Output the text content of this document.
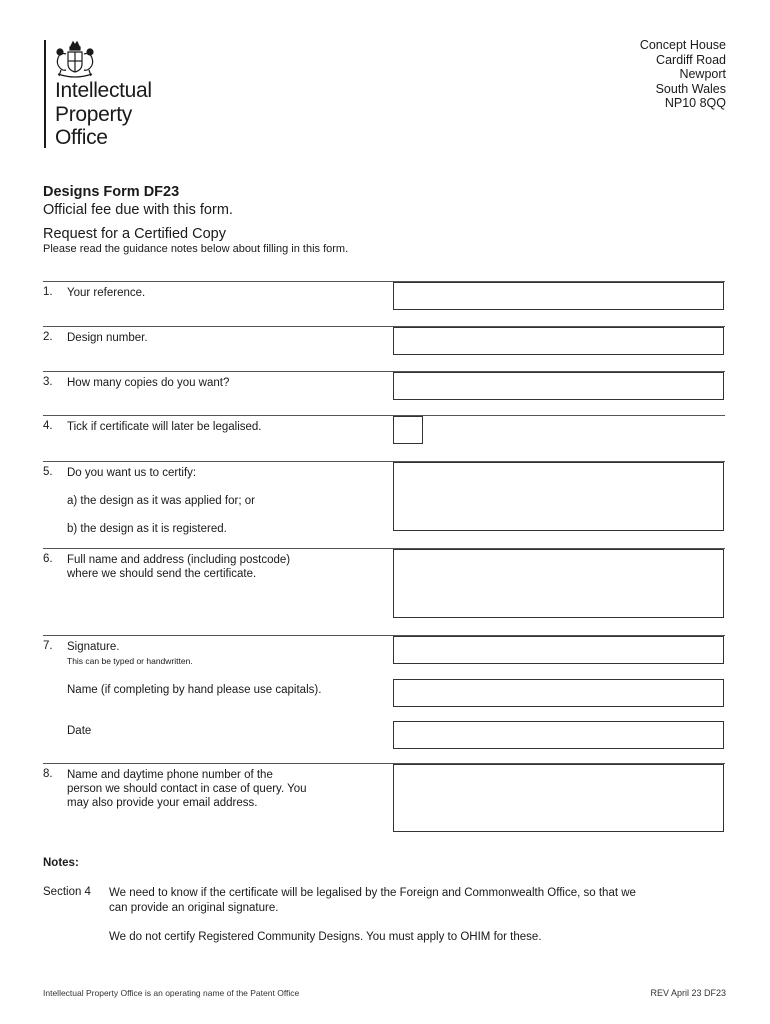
Intellectual
Property
Office
Concept House
Cardiff Road
Newport
South Wales
NP10 8QQ
Designs Form DF23
Official fee due with this form.
Request for a Certified Copy
Please read the guidance notes below about filling in this form.
1. Your reference.
2. Design number.
3. How many copies do you want?
4. Tick if certificate will later be legalised.
5. Do you want us to certify:
a) the design as it was applied for; or
b) the design as it is registered.
6. Full name and address (including postcode)
where we should send the certificate.
7. Signature.
This can be typed or handwritten.
Name (if completing by hand please use capitals).
Date
8. Name and daytime phone number of the
person we should contact in case of query. You
may also provide your email address.
Notes:
Section 4 We need to know if the certificate will be legalised by the Foreign and Commonwealth Office, so that we
can provide an original signature.
We do not certify Registered Community Designs. You must apply to OHIM for these.
Intellectual Property Office is an operating name of the Patent Office	REV April 23 DF23
